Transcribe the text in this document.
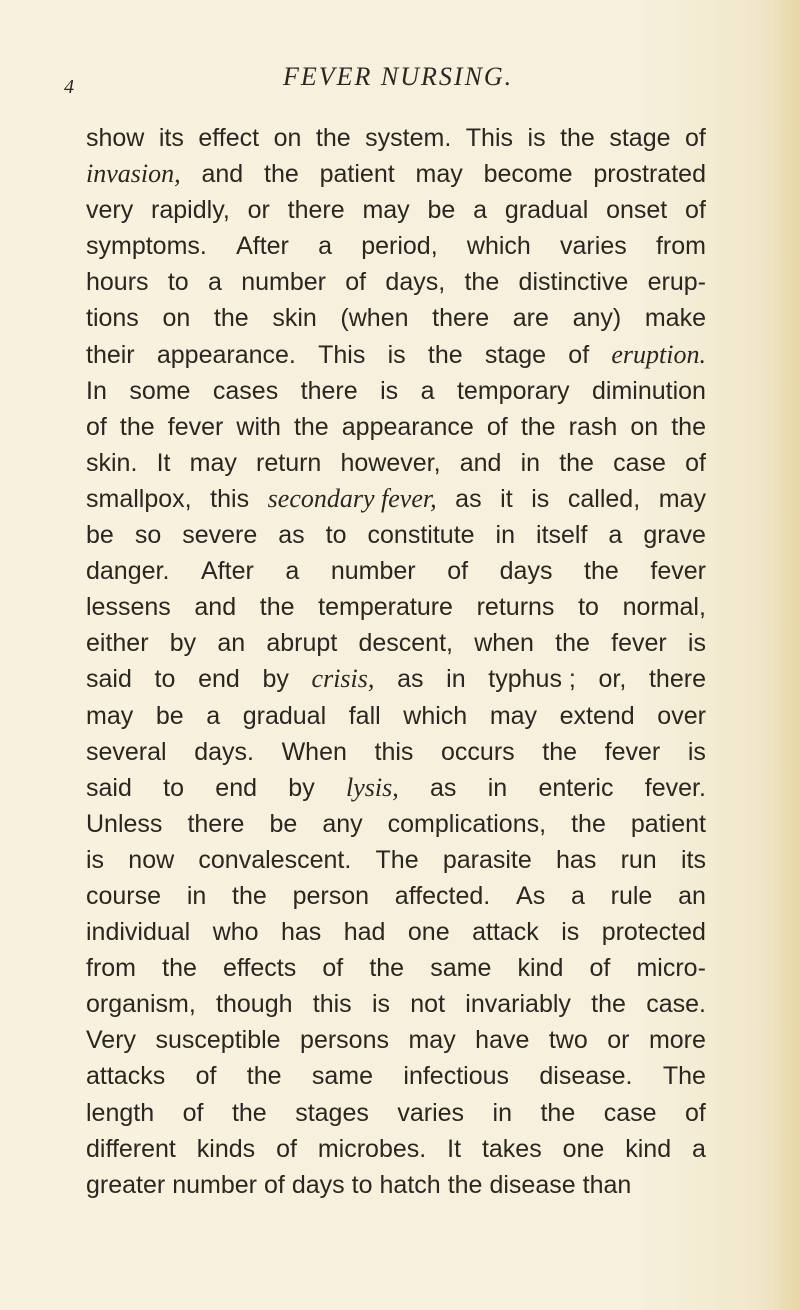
4	FEVER NURSING.
show its effect on the system. This is the stage of
invasion, and the patient may become prostrated
very rapidly, or there may be a gradual onset of
symptoms. After a period, which varies from
hours to a number of days, the distinctive erup-
tions on the skin (when there are any) make
their appearance. This is the stage of eruption.
In some cases there is a temporary diminution
of the fever with the appearance of the rash on the
skin. It may return however, and in the case of
smallpox, this secondary fever, as it is called, may
be so severe as to constitute in itself a grave
danger. After a number of days the fever
lessens and the temperature returns to normal,
either by an abrupt descent, when the fever is
said to end by crisis, as in typhus ; or, there
may be a gradual fall which may extend over
several days. When this occurs the fever is
said to end by lysis, as in enteric fever.
Unless there be any complications, the patient
is now convalescent. The parasite has run its
course in the person affected. As a rule an
individual who has had one attack is protected
from the effects of the same kind of micro-
organism, though this is not invariably the case.
Very susceptible persons may have two or more
attacks of the same infectious disease. The
length of the stages varies in the case of
different kinds of microbes. It takes one kind a
greater number of days to hatch the disease than
